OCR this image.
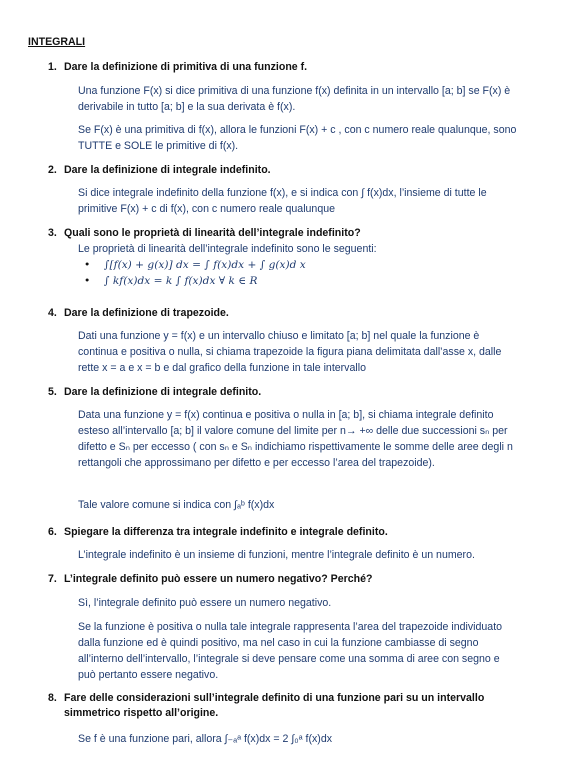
INTEGRALI
1. Dare la definizione di primitiva di una funzione f.
Una funzione F(x) si dice primitiva di una funzione f(x) definita in un intervallo [a; b] se F(x) è derivabile in tutto [a; b] e la sua derivata è f(x).
Se F(x) è una primitiva di f(x), allora le funzioni F(x) + c , con c numero reale qualunque, sono TUTTE e SOLE le primitive di f(x).
2. Dare la definizione di integrale indefinito.
Si dice integrale indefinito della funzione f(x), e si indica con ∫ f(x)dx, l’insieme di tutte le primitive F(x) + c di f(x), con c numero reale qualunque
3. Quali sono le proprietà di linearità dell’integrale indefinito?
Le proprietà di linearità dell’integrale indefinito sono le seguenti:
• ∫[f(x) + g(x)] dx = ∫ f(x)dx + ∫ g(x)d x
• ∫ kf(x)dx = k ∫ f(x)dx ∀ k ∈ R
4. Dare la definizione di trapezoide.
Dati una funzione y = f(x) e un intervallo chiuso e limitato [a; b] nel quale la funzione è continua e positiva o nulla, si chiama trapezoide la figura piana delimitata dall’asse x, dalle rette x = a e x = b e dal grafico della funzione in tale intervallo
5. Dare la definizione di integrale definito.
Data una funzione y = f(x) continua e positiva o nulla in [a; b], si chiama integrale definito esteso all’intervallo [a; b] il valore comune del limite per n→ +∞ delle due successioni sₙ per difetto e Sₙ per eccesso ( con sₙ e Sₙ indichiamo rispettivamente le somme delle aree degli n rettangoli che approssimano per difetto e per eccesso l’area del trapezoide).
Tale valore comune si indica con ∫ₐᵇ f(x)dx
6. Spiegare la differenza tra integrale indefinito e integrale definito.
L’integrale indefinito è un insieme di funzioni, mentre l’integrale definito è un numero.
7. L’integrale definito può essere un numero negativo? Perché?
Sì, l’integrale definito può essere un numero negativo.
Se la funzione è positiva o nulla tale integrale rappresenta l’area del trapezoide individuato dalla funzione ed è quindi positivo, ma nel caso in cui la funzione cambiasse di segno all’interno dell’intervallo, l’integrale si deve pensare come una somma di aree con segno e può pertanto essere negativo.
8. Fare delle considerazioni sull’integrale definito di una funzione pari su un intervallo simmetrico rispetto all’origine.
Se f è una funzione pari, allora ∫₋ₐᵃ f(x)dx = 2 ∫₀ᵃ f(x)dx
